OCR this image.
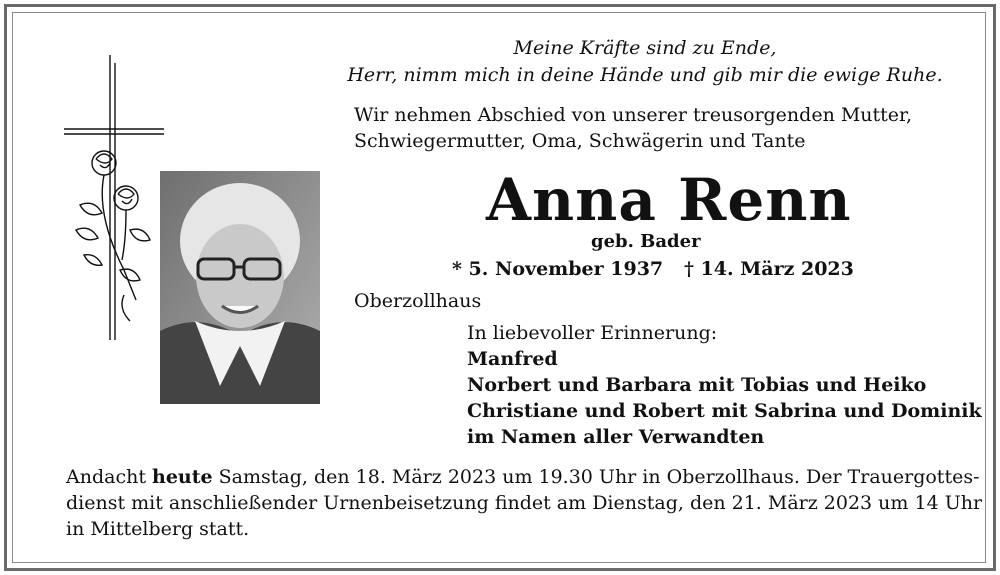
Meine Kräfte sind zu Ende,
Herr, nimm mich in deine Hände und gib mir die ewige Ruhe.
Wir nehmen Abschied von unserer treusorgenden Mutter,
Schwiegermutter, Oma, Schwägerin und Tante
Anna Renn
geb. Bader
* 5. November 1937 † 14. März 2023
Oberzollhaus
In liebevoller Erinnerung:
Manfred
Norbert und Barbara mit Tobias und Heiko
Christiane und Robert mit Sabrina und Dominik
im Namen aller Verwandten
Andacht heute Samstag, den 18. März 2023 um 19.30 Uhr in Oberzollhaus. Der Trauergottes-
dienst mit anschließender Urnenbeisetzung findet am Dienstag, den 21. März 2023 um 14 Uhr
in Mittelberg statt.
